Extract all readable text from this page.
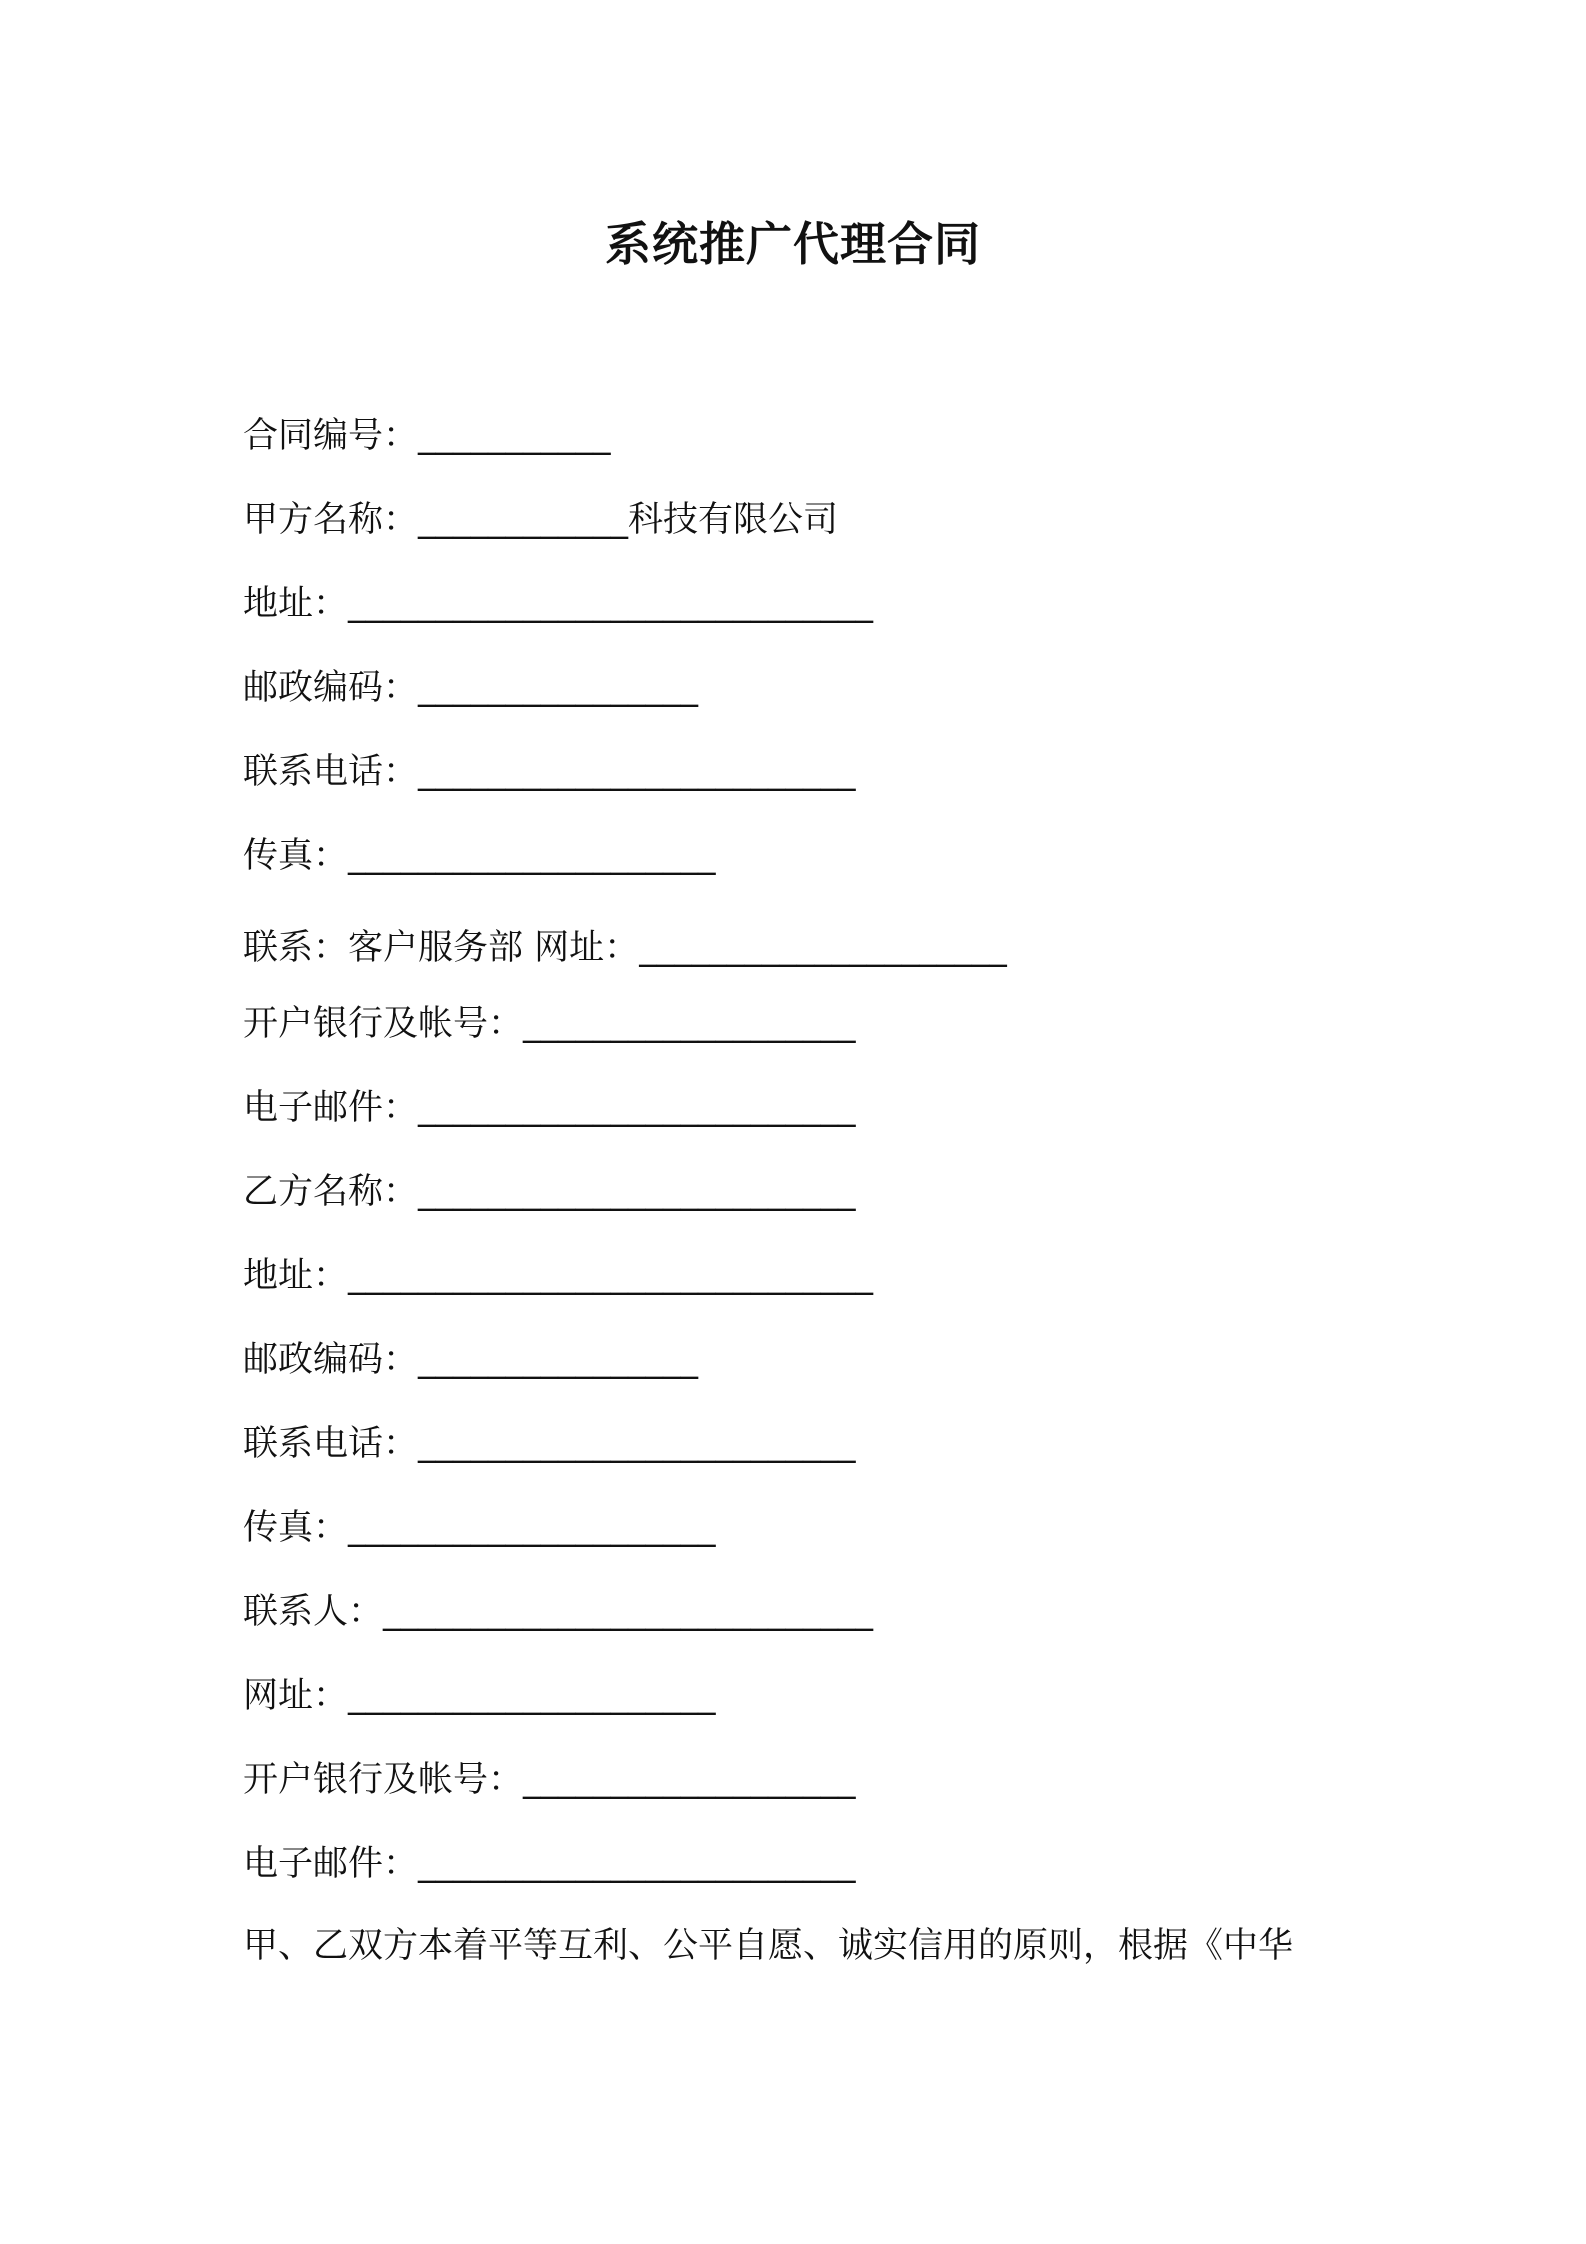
系统推广代理合同

合同编号：___________

甲方名称：____________科技有限公司

地址：______________________________

邮政编码：________________

联系电话：_________________________

传真：_____________________

联系：客户服务部 网址：_____________________

开户银行及帐号：___________________

电子邮件：_________________________

乙方名称：_________________________

地址：______________________________

邮政编码：________________

联系电话：_________________________

传真：_____________________

联系人：____________________________

网址：_____________________

开户银行及帐号：___________________

电子邮件：_________________________

甲、乙双方本着平等互利、公平自愿、诚实信用的原则，根据《中华
